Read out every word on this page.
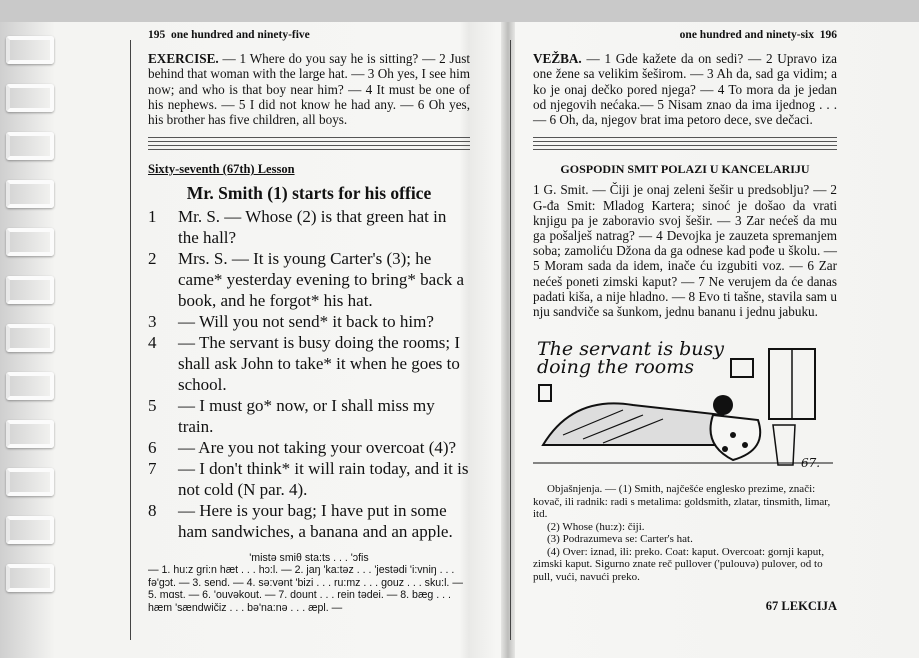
195 one hundred and ninety-five
EXERCISE. — 1 Where do you say he is sitting? — 2 Just behind that woman with the large hat. — 3 Oh yes, I see him now; and who is that boy near him? — 4 It must be one of his nephews. — 5 I did not know he had any. — 6 Oh yes, his brother has five children, all boys.
Sixty-seventh (67th) Lesson
Mr. Smith (1) starts for his office
1	Mr. S. — Whose (2) is that green hat in the hall?
2	Mrs. S. — It is young Carter's (3); he came* yesterday evening to bring* back a book, and he forgot* his hat.
3	— Will you not send* it back to him?
4	— The servant is busy doing the rooms; I shall ask John to take* it when he goes to school.
5	— I must go* now, or I shall miss my train.
6	— Are you not taking your overcoat (4)?
7	— I don't think* it will rain today, and it is not cold (N par. 4).
8	— Here is your bag; I have put in some ham sandwiches, a banana and an apple.
'mistə smiθ sta:ts . . . 'ɔfis
— 1. hu:z gri:n hæt . . . hɔ:l. — 2. jaŋ 'ka:təz . . . 'jestədi 'i:vniŋ . . . fə'gɔt. — 3. send. — 4. sə:vənt 'bizi . . . ru:mz . . . gouz . . . sku:l. — 5. mɑst. — 6. 'ouvəkout. — 7. dount . . . rein tədei. — 8. bæg . . . hæm 'sændwičiz . . . bə'na:nə . . . æpl. —
one hundred and ninety-six 196
VEŽBA. — 1 Gde kažete da on sedi? — 2 Upravo iza one žene sa velikim šeširom. — 3 Ah da, sad ga vidim; a ko je onaj dečko pored njega? — 4 To mora da je jedan od njegovih nećaka.— 5 Nisam znao da ima ijednog . . . — 6 Oh, da, njegov brat ima petoro dece, sve dečaci.
GOSPODIN SMIT POLAZI U KANCELARIJU
1 G. Smit. — Čiji je onaj zeleni šešir u predsoblju? — 2 G-đa Smit: Mladog Kartera; sinoć je došao da vrati knjigu pa je zaboravio svoj šešir. — 3 Zar nećeš da mu ga pošalješ natrag? — 4 Devojka je zauzeta spremanjem soba; zamoliću Džona da ga odnese kad pođe u školu. — 5 Moram sada da idem, inače ću izgubiti voz. — 6 Zar nećeš poneti zimski kaput? — 7 Ne verujem da će danas padati kiša, a nije hladno. — 8 Evo ti tašne, stavila sam u nju sandviče sa šunkom, jednu bananu i jednu jabuku.
The servant is busy
doing the rooms
67.
Objašnjenja. — (1) Smith, najčešće englesko prezime, znači: kovač, ili radnik: radi s metalima: goldsmith, zlatar, tinsmith, limar, itd.
(2) Whose (hu:z): čiji.
(3) Podrazumeva se: Carter's hat.
(4) Over: iznad, ili: preko. Coat: kaput. Overcoat: gornji kaput, zimski kaput. Sigurno znate reč pullover ('pulouvə) pulover, od to pull, vući, navući preko.
67 LEKCIJA
